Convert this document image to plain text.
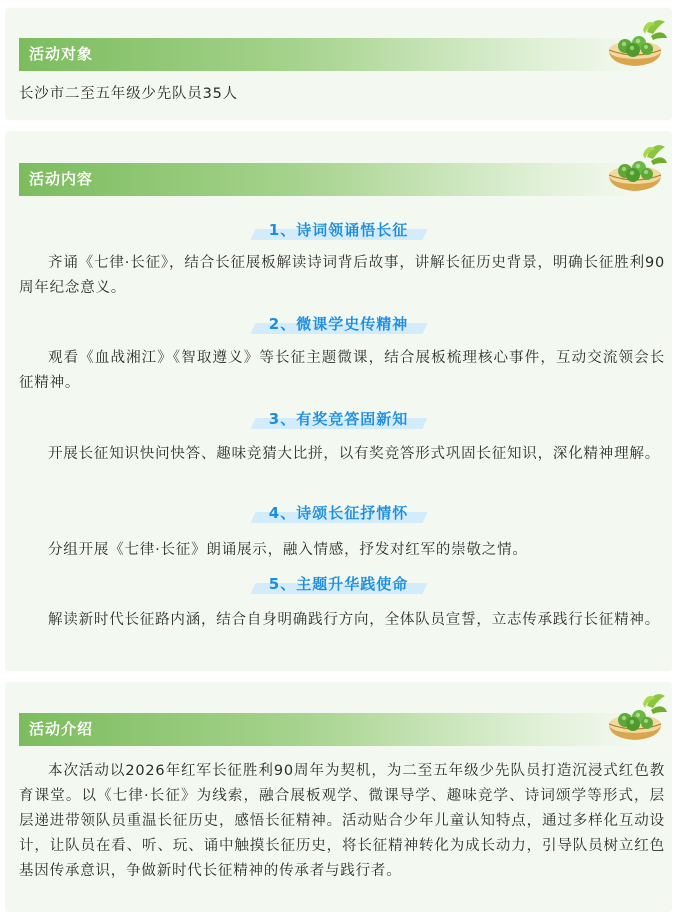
活动对象
长沙市二至五年级少先队员35人
活动内容
1、诗词领诵悟长征
齐诵《七律·长征》，结合长征展板解读诗词背后故事，讲解长征历史背景，明确长征胜利90周年纪念意义。
2、微课学史传精神
观看《血战湘江》《智取遵义》等长征主题微课，结合展板梳理核心事件，互动交流领会长征精神。
3、有奖竞答固新知
开展长征知识快问快答、趣味竞猜大比拼，以有奖竞答形式巩固长征知识，深化精神理解。
4、诗颂长征抒情怀
分组开展《七律·长征》朗诵展示，融入情感，抒发对红军的崇敬之情。
5、主题升华践使命
解读新时代长征路内涵，结合自身明确践行方向，全体队员宣誓，立志传承践行长征精神。
活动介绍
本次活动以2026年红军长征胜利90周年为契机，为二至五年级少先队员打造沉浸式红色教育课堂。以《七律·长征》为线索，融合展板观学、微课导学、趣味竞学、诗词颂学等形式，层层递进带领队员重温长征历史，感悟长征精神。活动贴合少年儿童认知特点，通过多样化互动设计，让队员在看、听、玩、诵中触摸长征历史，将长征精神转化为成长动力，引导队员树立红色基因传承意识，争做新时代长征精神的传承者与践行者。
